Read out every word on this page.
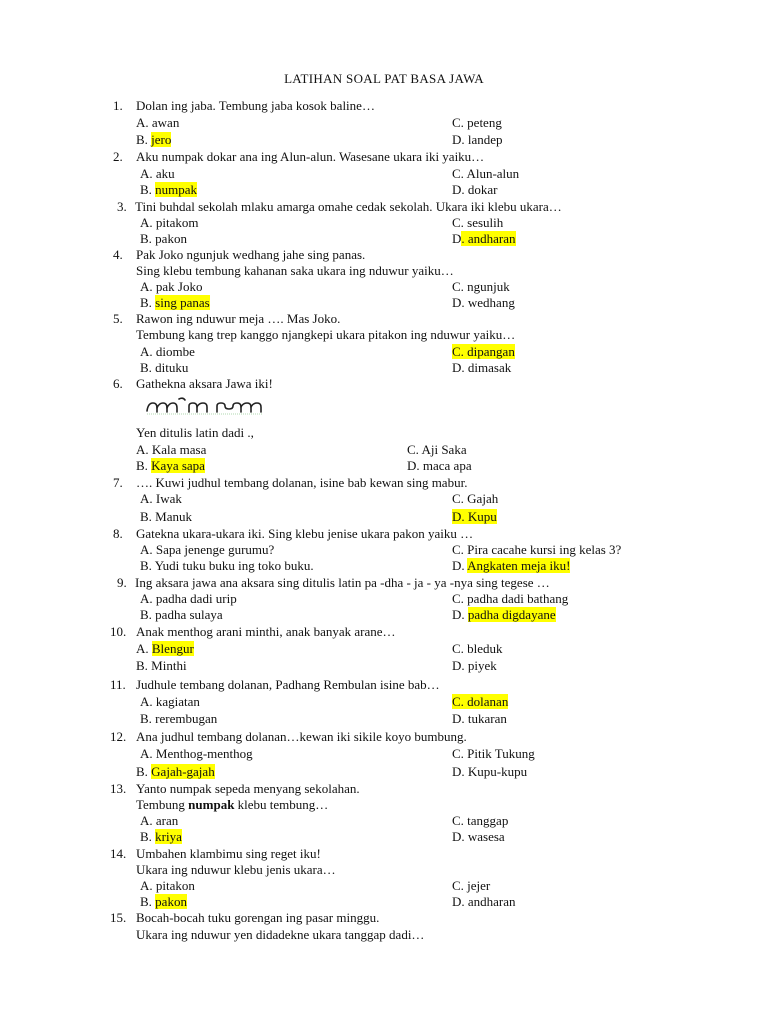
LATIHAN SOAL PAT BASA JAWA
1. Dolan ing jaba. Tembung jaba kosok baline…
A. awan	C. peteng
B. jero	D. landep
2. Aku numpak dokar ana ing Alun-alun. Wasesane ukara iki yaiku…
A. aku	C. Alun-alun
B. numpak	D. dokar
3. Tini buhdal sekolah mlaku amarga omahe cedak sekolah. Ukara iki klebu ukara…
A. pitakom	C. sesulih
B. pakon	D. andharan
4. Pak Joko ngunjuk wedhang jahe sing panas.
Sing klebu tembung kahanan saka ukara ing nduwur yaiku…
A. pak Joko	C. ngunjuk
B. sing panas	D. wedhang
5. Rawon ing nduwur meja …. Mas Joko.
Tembung kang trep kanggo njangkepi ukara pitakon ing nduwur yaiku…
A. diombe	C. dipangan
B. dituku	D. dimasak
6. Gathekna aksara Jawa iki!
Yen ditulis latin dadi .,
A. Kala masa	C. Aji Saka
B. Kaya sapa	D. maca apa
7. …. Kuwi judhul tembang dolanan, isine bab kewan sing mabur.
A. Iwak	C. Gajah
B. Manuk	D. Kupu
8. Gatekna ukara-ukara iki. Sing klebu jenise ukara pakon yaiku …
A. Sapa jenenge gurumu?	C. Pira cacahe kursi ing kelas 3?
B. Yudi tuku buku ing toko buku.	D. Angkaten meja iku!
9. Ing aksara jawa ana aksara sing ditulis latin pa -dha - ja - ya -nya sing tegese …
A. padha dadi urip	C. padha dadi bathang
B. padha sulaya	D. padha digdayane
10. Anak menthog arani minthi, anak banyak arane…
A. Blengur	C. bleduk
B. Minthi	D. piyek
11. Judhule tembang dolanan, Padhang Rembulan isine bab…
A. kagiatan	C. dolanan
B. rerembugan	D. tukaran
12. Ana judhul tembang dolanan…kewan iki sikile koyo bumbung.
A. Menthog-menthog	C. Pitik Tukung
B. Gajah-gajah	D. Kupu-kupu
13. Yanto numpak sepeda menyang sekolahan.
Tembung numpak klebu tembung…
A. aran	C. tanggap
B. kriya	D. wasesa
14. Umbahen klambimu sing reget iku!
Ukara ing nduwur klebu jenis ukara…
A. pitakon	C. jejer
B. pakon	D. andharan
15. Bocah-bocah tuku gorengan ing pasar minggu.
Ukara ing nduwur yen didadekne ukara tanggap dadi…
